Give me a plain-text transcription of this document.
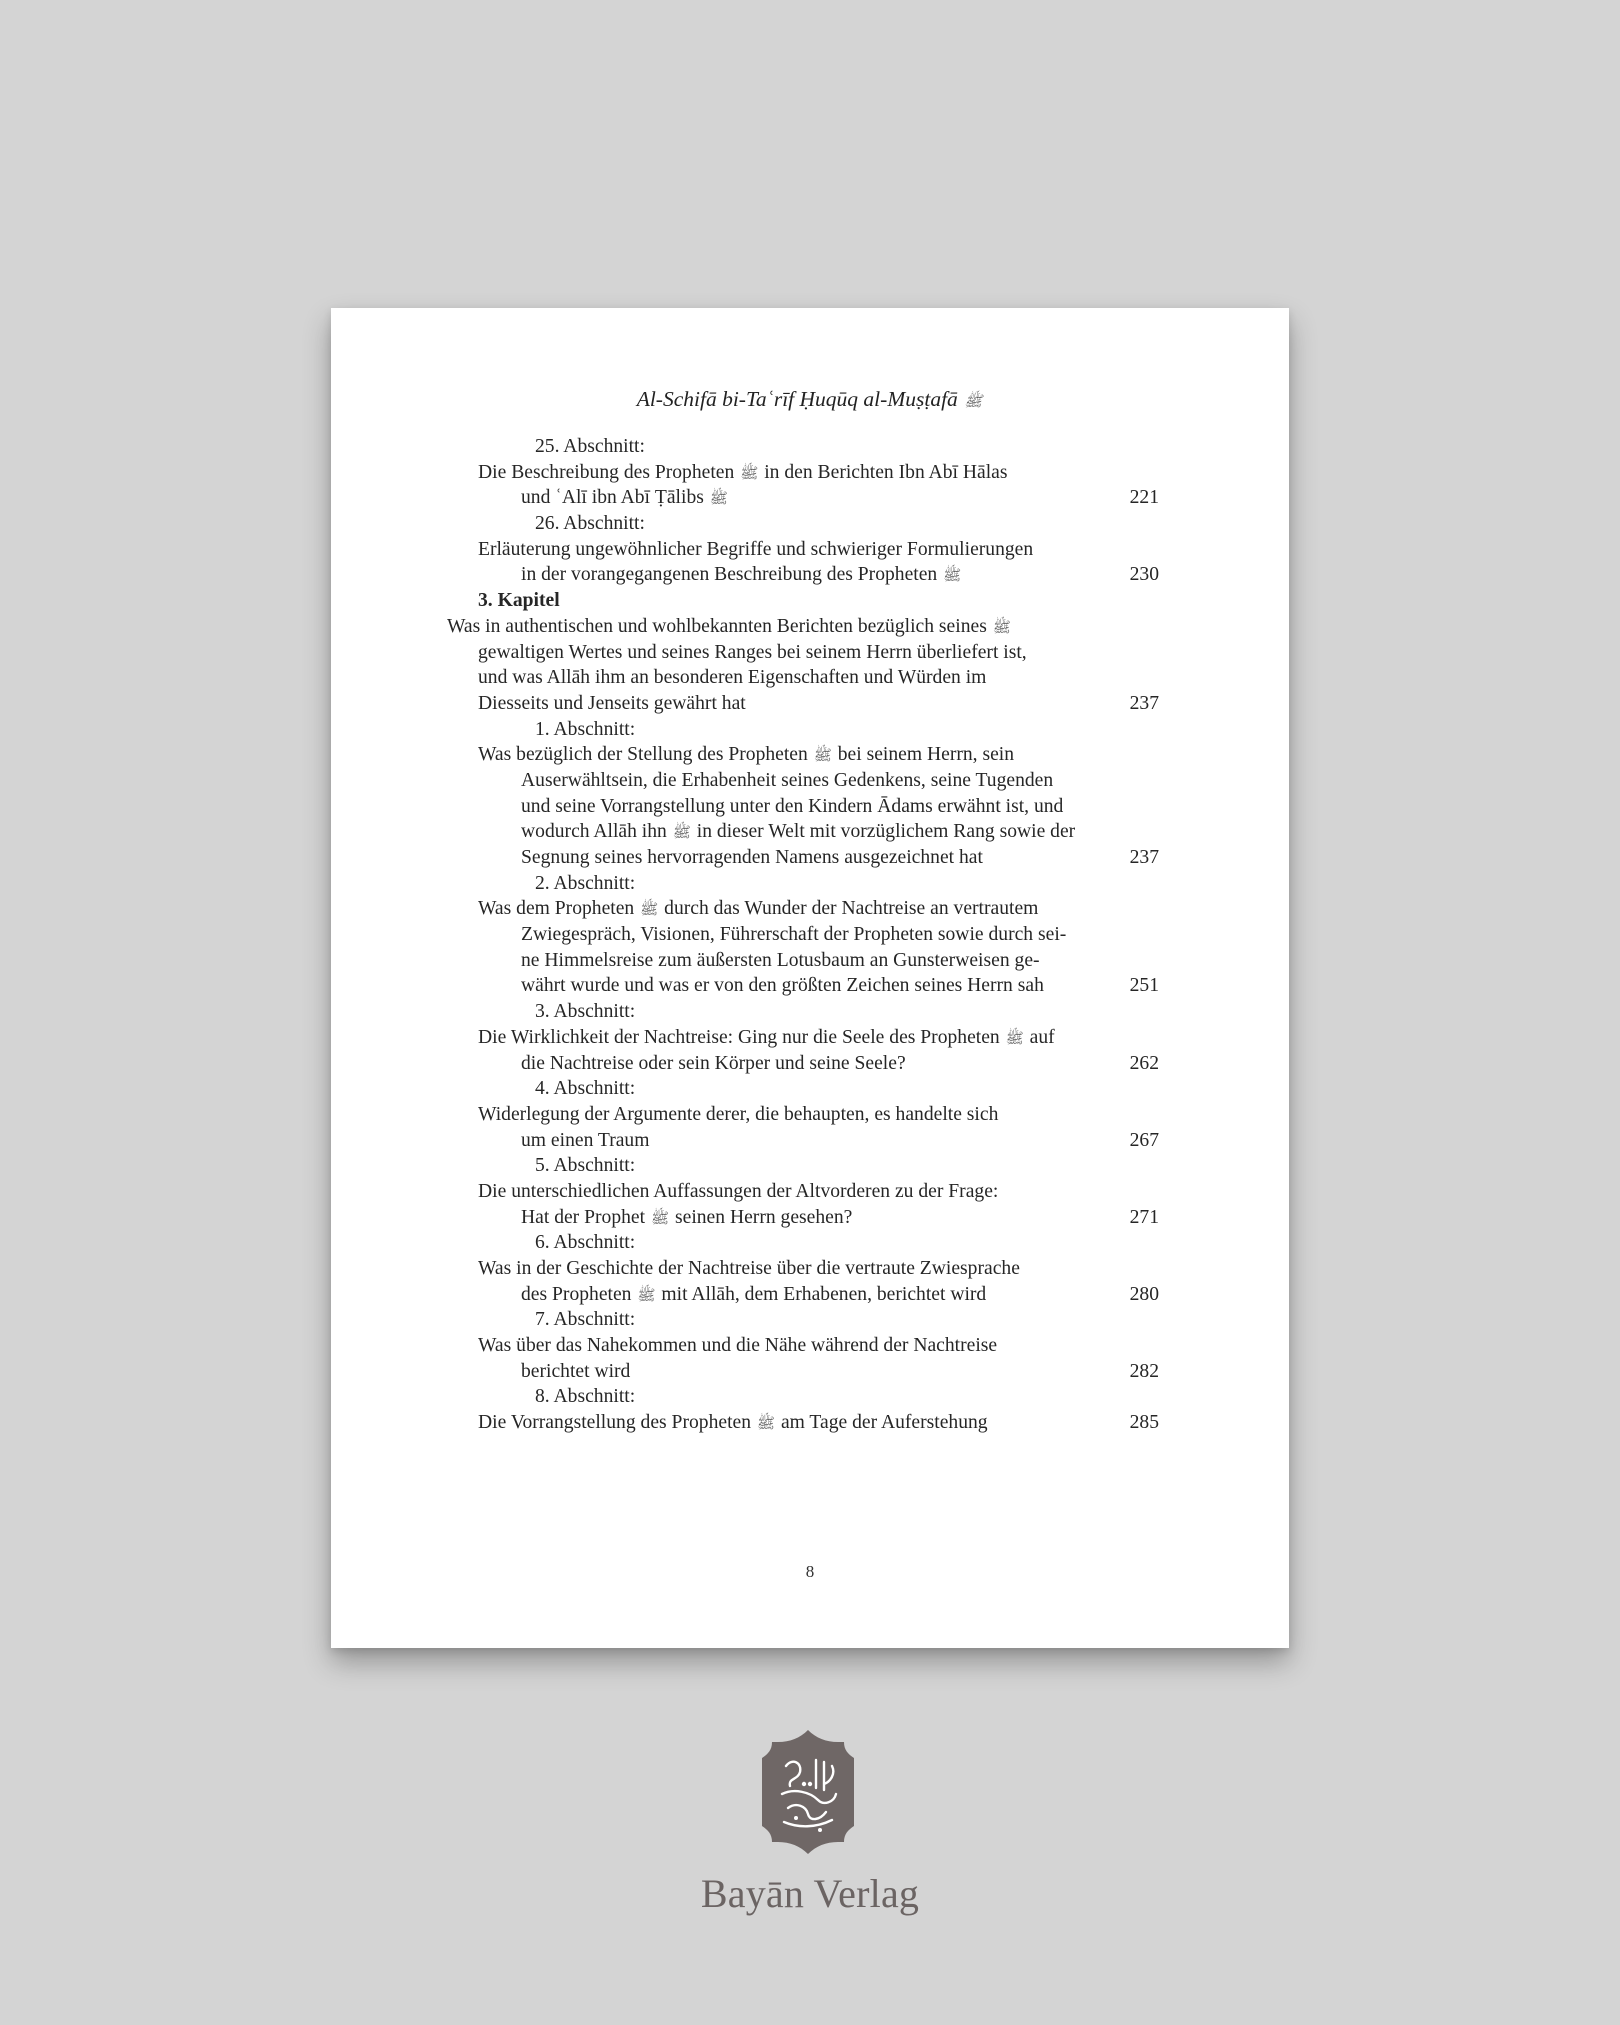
Al-Schifā bi-Taʿrīf Ḥuqūq al-Muṣṭafā ﷺ
25. Abschnitt:
Die Beschreibung des Propheten ﷺ in den Berichten Ibn Abī Hālas
und ʿAlī ibn Abī Ṭālibs ﷺ	221
26. Abschnitt:
Erläuterung ungewöhnlicher Begriffe und schwieriger Formulierungen
in der vorangegangenen Beschreibung des Propheten ﷺ	230
3. Kapitel
Was in authentischen und wohlbekannten Berichten bezüglich seines ﷺ
gewaltigen Wertes und seines Ranges bei seinem Herrn überliefert ist,
und was Allāh ihm an besonderen Eigenschaften und Würden im
Diesseits und Jenseits gewährt hat	237
1. Abschnitt:
Was bezüglich der Stellung des Propheten ﷺ bei seinem Herrn, sein
Auserwähltsein, die Erhabenheit seines Gedenkens, seine Tugenden
und seine Vorrangstellung unter den Kindern Ādams erwähnt ist, und
wodurch Allāh ihn ﷺ in dieser Welt mit vorzüglichem Rang sowie der
Segnung seines hervorragenden Namens ausgezeichnet hat	237
2. Abschnitt:
Was dem Propheten ﷺ durch das Wunder der Nachtreise an vertrautem
Zwiegespräch, Visionen, Führerschaft der Propheten sowie durch sei-
ne Himmelsreise zum äußersten Lotusbaum an Gunsterweisen ge-
währt wurde und was er von den größten Zeichen seines Herrn sah	251
3. Abschnitt:
Die Wirklichkeit der Nachtreise: Ging nur die Seele des Propheten ﷺ auf
die Nachtreise oder sein Körper und seine Seele?	262
4. Abschnitt:
Widerlegung der Argumente derer, die behaupten, es handelte sich
um einen Traum	267
5. Abschnitt:
Die unterschiedlichen Auffassungen der Altvorderen zu der Frage:
Hat der Prophet ﷺ seinen Herrn gesehen?	271
6. Abschnitt:
Was in der Geschichte der Nachtreise über die vertraute Zwiesprache
des Propheten ﷺ mit Allāh, dem Erhabenen, berichtet wird	280
7. Abschnitt:
Was über das Nahekommen und die Nähe während der Nachtreise
berichtet wird	282
8. Abschnitt:
Die Vorrangstellung des Propheten ﷺ am Tage der Auferstehung	285
8
Bayān Verlag
